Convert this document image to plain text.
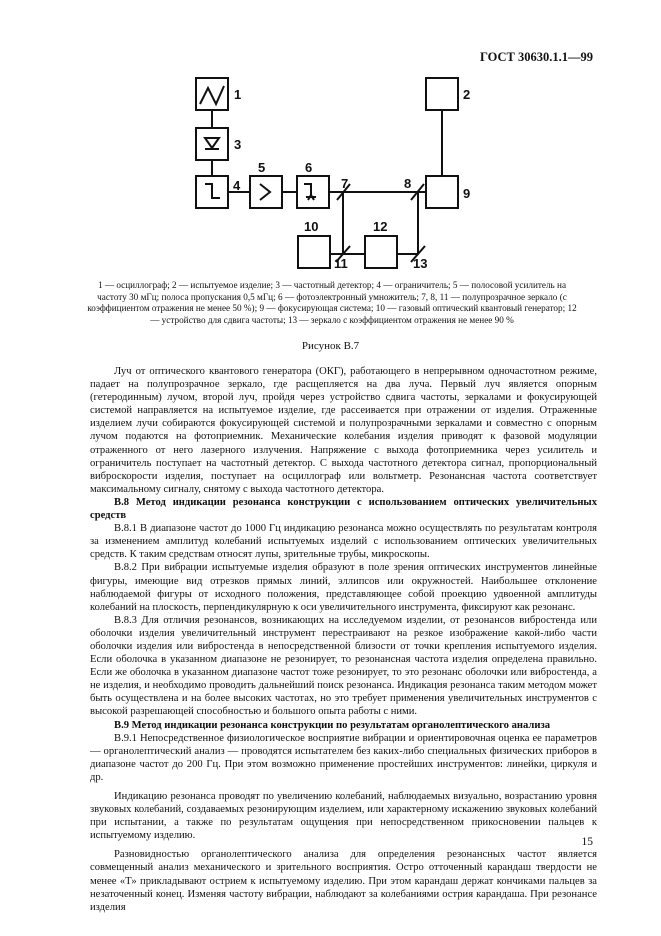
ГОСТ 30630.1.1—99
1	2
3
4
5	6
7	8
9
10
11
12
13
1 — осциллограф; 2 — испытуемое изделие; 3 — частотный детектор; 4 — ограничитель; 5 — полосовой усилитель на частоту 30 мГц; полоса пропускания 0,5 мГц; 6 — фотоэлектронный умножитель; 7, 8, 11 — полупрозрачное зеркало (с коэффициентом отражения не менее 50 %); 9 — фокусирующая система; 10 — газовый оптический квантовый генератор; 12 — устройство для сдвига частоты; 13 — зеркало с коэффициентом отражения не менее 90 %
Рисунок В.7

Луч от оптического квантового генератора (ОКГ), работающего в непрерывном одночастотном режиме, падает на полупрозрачное зеркало, где расщепляется на два луча. Первый луч является опорным (гетеродинным) лучом, второй луч, пройдя через устройство сдвига частоты, зеркалами и фокусирующей системой направляется на испытуемое изделие, где рассеивается при отражении от изделия. Отраженные изделием лучи собираются фокусирующей системой и полупрозрачными зеркалами и совместно с опорным лучом подаются на фотоприемник. Механические колебания изделия приводят к фазовой модуляции отраженного от него лазерного излучения. Напряжение с выхода фотоприемника через усилитель и ограничитель поступает на частотный детектор. С выхода частотного детектора сигнал, пропорциональный виброскорости изделия, поступает на осциллограф или вольтметр. Резонансная частота соответствует максимальному сигналу, снятому с выхода частотного детектора.

В.8 Метод индикации резонанса конструкции с использованием оптических увеличительных средств

В.8.1 В диапазоне частот до 1000 Гц индикацию резонанса можно осуществлять по результатам контроля за изменением амплитуд колебаний испытуемых изделий с использованием оптических увеличительных средств. К таким средствам относят лупы, зрительные трубы, микроскопы.

В.8.2 При вибрации испытуемые изделия образуют в поле зрения оптических инструментов линейные фигуры, имеющие вид отрезков прямых линий, эллипсов или окружностей. Наибольшее отклонение наблюдаемой фигуры от исходного положения, представляющее собой проекцию удвоенной амплитуды колебаний на плоскость, перпендикулярную к оси увеличительного инструмента, фиксируют как резонанс.

В.8.3 Для отличия резонансов, возникающих на исследуемом изделии, от резонансов вибростенда или оболочки изделия увеличительный инструмент перестраивают на резкое изображение какой-либо части оболочки изделия или вибростенда в непосредственной близости от точки крепления испытуемого изделия. Если оболочка в указанном диапазоне не резонирует, то резонансная частота изделия определена правильно. Если же оболочка в указанном диапазоне частот тоже резонирует, то это резонанс оболочки или вибростенда, а не изделия, и необходимо проводить дальнейший поиск резонанса. Индикация резонанса таким методом может быть осуществлена и на более высоких частотах, но это требует применения увеличительных инструментов с высокой разрешающей способностью и большого опыта работы с ними.

В.9 Метод индикации резонанса конструкции по результатам органолептического анализа

В.9.1 Непосредственное физиологическое восприятие вибрации и ориентировочная оценка ее параметров — органолептический анализ — проводятся испытателем без каких-либо специальных физических приборов в диапазоне частот до 200 Гц. При этом возможно применение простейших инструментов: линейки, циркуля и др.

Индикацию резонанса проводят по увеличению колебаний, наблюдаемых визуально, возрастанию уровня звуковых колебаний, создаваемых резонирующим изделием, или характерному искажению звуковых колебаний при испытании, а также по результатам ощущения при непосредственном прикосновении пальцев к испытуемому изделию.

Разновидностью органолептического анализа для определения резонансных частот является совмещенный анализ механического и зрительного восприятия. Остро отточенный карандаш твердости не менее «Т» прикладывают острием к испытуемому изделию. При этом карандаш держат кончиками пальцев за незаточенный конец. Изменяя частоту вибрации, наблюдают за колебаниями острия карандаша. При резонансе изделия

15
